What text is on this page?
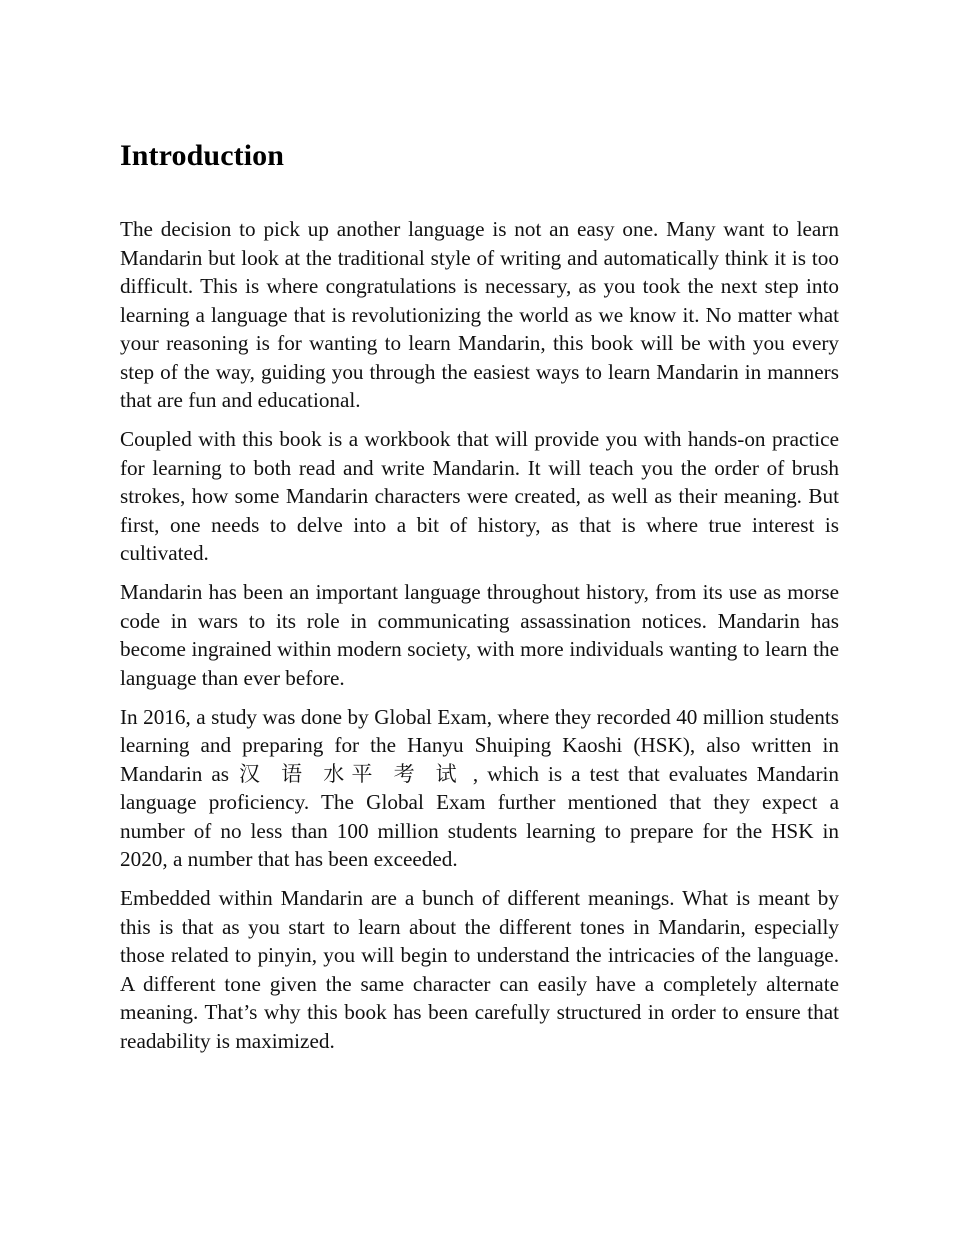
Introduction

The decision to pick up another language is not an easy one. Many want to learn Mandarin but look at the traditional style of writing and automatically think it is too difficult. This is where congratulations is necessary, as you took the next step into learning a language that is revolutionizing the world as we know it. No matter what your reasoning is for wanting to learn Mandarin, this book will be with you every step of the way, guiding you through the easiest ways to learn Mandarin in manners that are fun and educational.

Coupled with this book is a workbook that will provide you with hands-on practice for learning to both read and write Mandarin. It will teach you the order of brush strokes, how some Mandarin characters were created, as well as their meaning. But first, one needs to delve into a bit of history, as that is where true interest is cultivated.

Mandarin has been an important language throughout history, from its use as morse code in wars to its role in communicating assassination notices. Mandarin has become ingrained within modern society, with more individuals wanting to learn the language than ever before.

In 2016, a study was done by Global Exam, where they recorded 40 million students learning and preparing for the Hanyu Shuiping Kaoshi (HSK), also written in Mandarin as 汉 语 水平 考 试 , which is a test that evaluates Mandarin language proficiency. The Global Exam further mentioned that they expect a number of no less than 100 million students learning to prepare for the HSK in 2020, a number that has been exceeded.

Embedded within Mandarin are a bunch of different meanings. What is meant by this is that as you start to learn about the different tones in Mandarin, especially those related to pinyin, you will begin to understand the intricacies of the language. A different tone given the same character can easily have a completely alternate meaning. That’s why this book has been carefully structured in order to ensure that readability is maximized.
